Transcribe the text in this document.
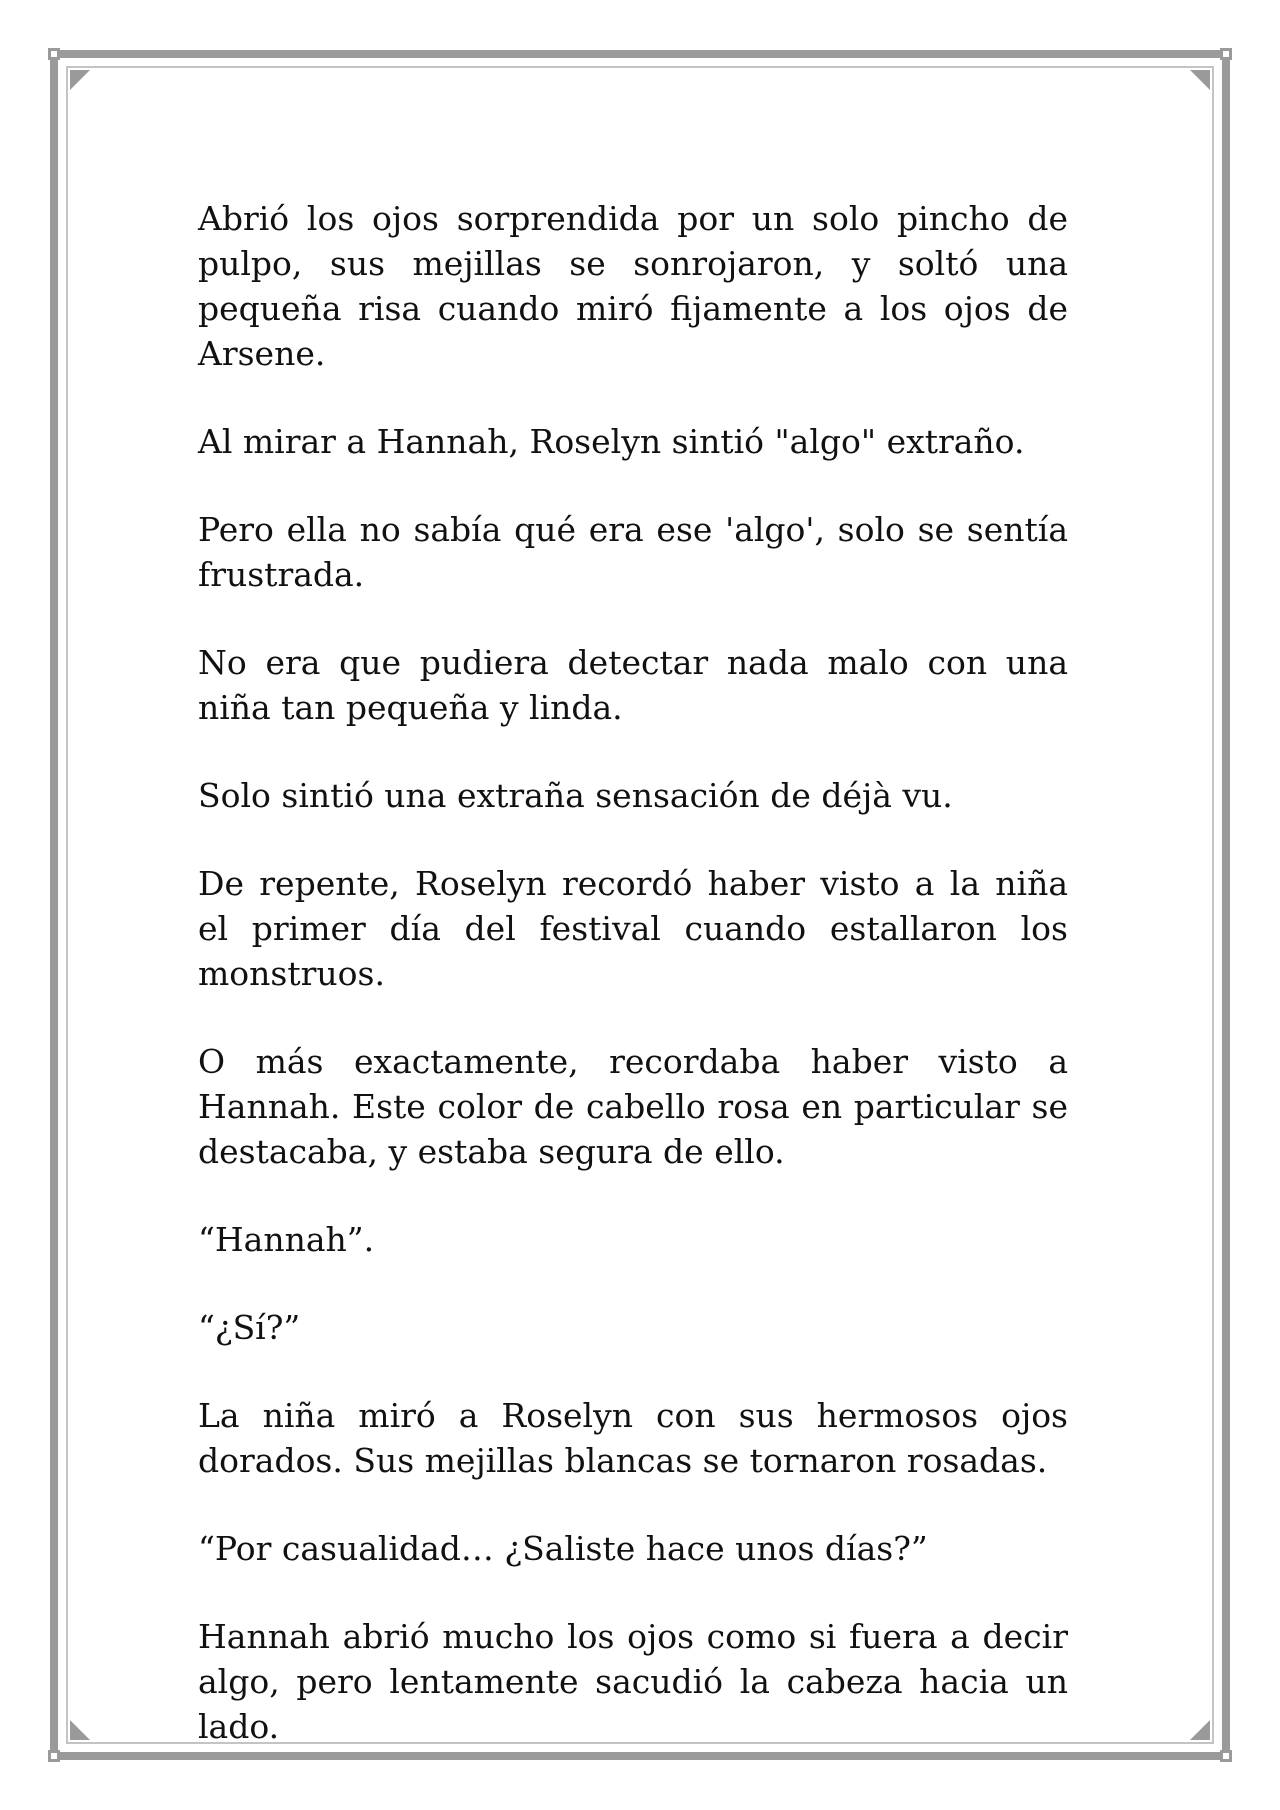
Abrió los ojos sorprendida por un solo pincho de pulpo, sus mejillas se sonrojaron, y soltó una pequeña risa cuando miró fijamente a los ojos de Arsene.

Al mirar a Hannah, Roselyn sintió "algo" extraño.

Pero ella no sabía qué era ese 'algo', solo se sentía frustrada.

No era que pudiera detectar nada malo con una niña tan pequeña y linda.

Solo sintió una extraña sensación de déjà vu.

De repente, Roselyn recordó haber visto a la niña el primer día del festival cuando estallaron los monstruos.

O más exactamente, recordaba haber visto a Hannah. Este color de cabello rosa en particular se destacaba, y estaba segura de ello.

“Hannah”.

“¿Sí?”

La niña miró a Roselyn con sus hermosos ojos dorados. Sus mejillas blancas se tornaron rosadas.

“Por casualidad… ¿Saliste hace unos días?”

Hannah abrió mucho los ojos como si fuera a decir algo, pero lentamente sacudió la cabeza hacia un lado.
